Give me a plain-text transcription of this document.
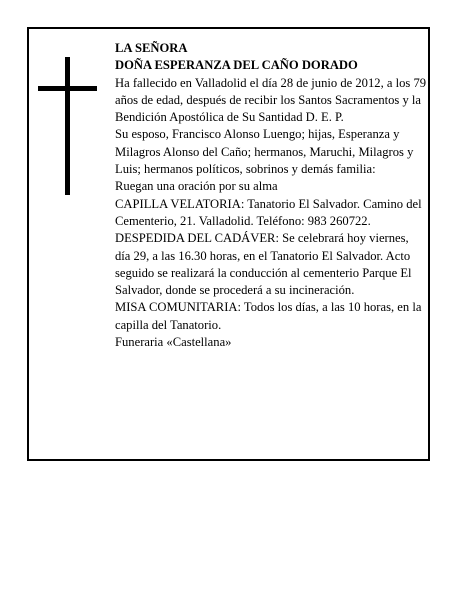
LA SEÑORA

DOÑA ESPERANZA DEL CAÑO DORADO

Ha fallecido en Valladolid el día 28 de junio de 2012, a los 79 años de edad, después de recibir los Santos Sacramentos y la Bendición Apostólica de Su Santidad D. E. P.

Su esposo, Francisco Alonso Luengo; hijas, Esperanza y Milagros Alonso del Caño; hermanos, Maruchi, Milagros y Luis; hermanos políticos, sobrinos y demás familia:

Ruegan una oración por su alma

CAPILLA VELATORIA: Tanatorio El Salvador. Camino del Cementerio, 21. Valladolid. Teléfono: 983 260722.

DESPEDIDA DEL CADÁVER: Se celebrará hoy viernes, día 29, a las 16.30 horas, en el Tanatorio El Salvador. Acto seguido se realizará la conducción al cementerio Parque El Salvador, donde se procederá a su incineración.

MISA COMUNITARIA: Todos los días, a las 10 horas, en la capilla del Tanatorio.

Funeraria «Castellana»
